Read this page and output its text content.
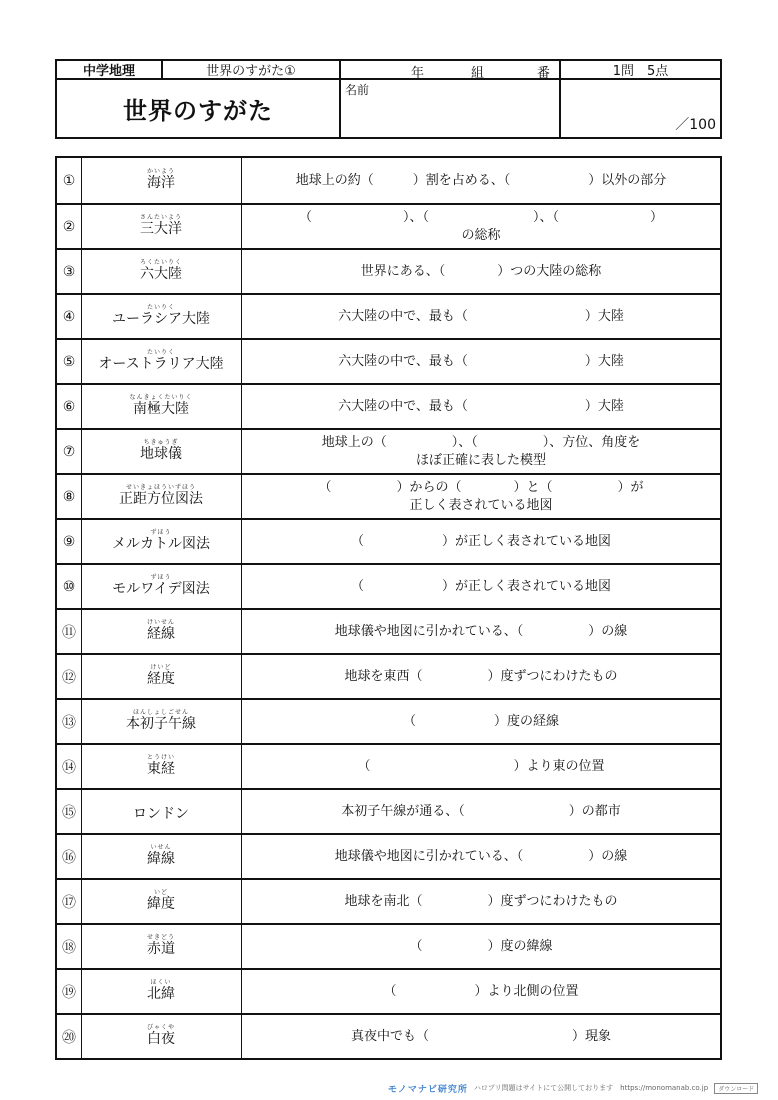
中学地理	世界のすがた①
世界のすがた
年	組	番
名前
1問　5点
／100
①
かいよう
海洋	地球上の約（　　　）割を占める、（　　　　　　）以外の部分
②
さんたいよう
三大洋
（　　　　　　　）、（　　　　　　　　）、（　　　　　　　）
の総称
③
ろくたいりく
六大陸	世界にある、（　　　　）つの大陸の総称
④
たいりく
ユーラシア大陸	六大陸の中で、最も（　　　　　　　　　）大陸
⑤
たいりく
オーストラリア大陸	六大陸の中で、最も（　　　　　　　　　）大陸
⑥
なんきょくたいりく
南極大陸	六大陸の中で、最も（　　　　　　　　　）大陸
⑦
ちきゅうぎ
地球儀
地球上の（　　　　　）、（　　　　　）、方位、角度を
ほぼ正確に表した模型
⑧
せいきょほういずほう
正距方位図法
（　　　　　）からの（　　　　）と（　　　　　）が
正しく表されている地図
⑨
ずほう
メルカトル図法	（　　　　　　）が正しく表されている地図
⑩
ずほう
モルワイデ図法	（　　　　　　）が正しく表されている地図
⑪
けいせん
経線	地球儀や地図に引かれている、（　　　　　）の線
⑫
けいど
経度	地球を東西（　　　　　）度ずつにわけたもの
⑬
ほんしょしごせん
本初子午線	（　　　　　　）度の経線
⑭
とうけい
東経	（　　　　　　　　　　　）より東の位置
⑮	ロンドン	本初子午線が通る、（　　　　　　　　）の都市
⑯
いせん
緯線	地球儀や地図に引かれている、（　　　　　）の線
⑰
いど
緯度	地球を南北（　　　　　）度ずつにわけたもの
⑱
せきどう
赤道	（　　　　　）度の緯線
⑲
ほくい
北緯	（　　　　　　）より北側の位置
⑳
びゃくや
白夜	真夜中でも（　　　　　　　　　　　）現象
モノマナビ研究所 ハロプリ問題はサイトにて公開しております　https://monomanab.co.jp	ダウンロード
